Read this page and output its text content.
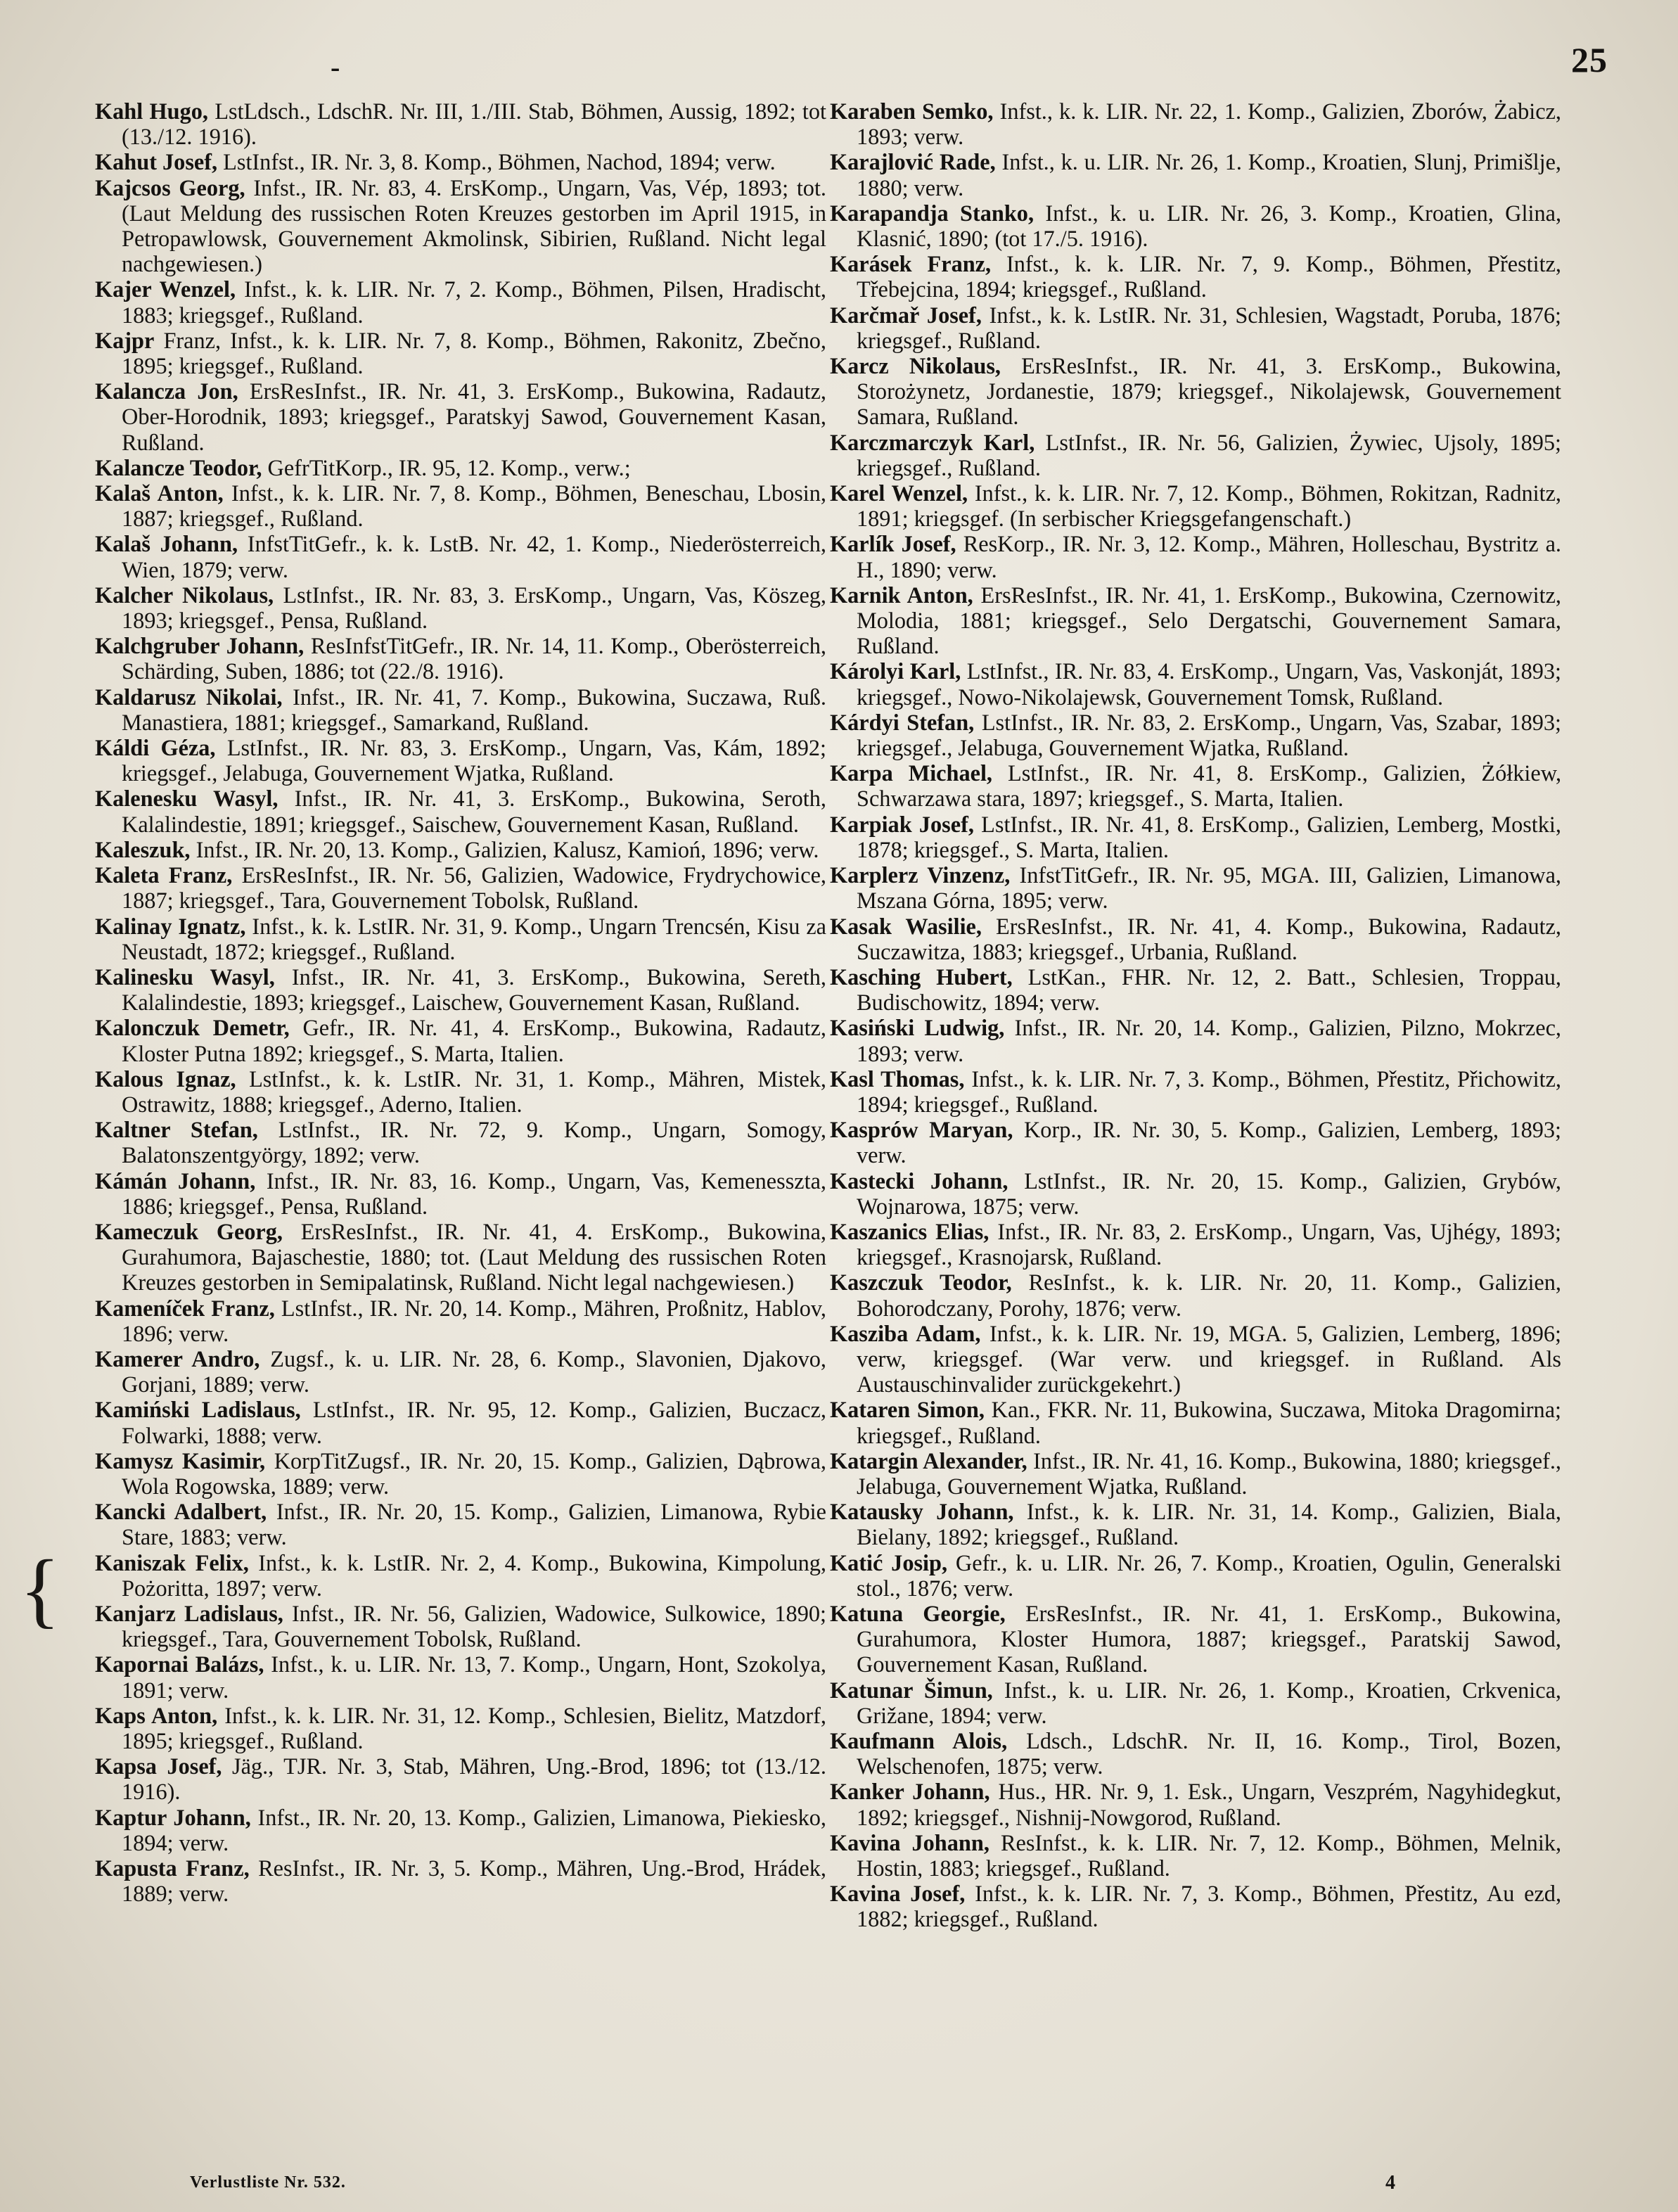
-	25
{

Kahl Hugo, LstLdsch., LdschR. Nr. III, 1./III. Stab, Böhmen, Aussig, 1892; tot (13./12. 1916).

Kahut Josef, LstInfst., IR. Nr. 3, 8. Komp., Böhmen, Nachod, 1894; verw.

Kajcsos Georg, Infst., IR. Nr. 83, 4. ErsKomp., Ungarn, Vas, Vép, 1893; tot. (Laut Meldung des russischen Roten Kreuzes gestorben im April 1915, in Petropawlowsk, Gouvernement Akmolinsk, Sibirien, Rußland. Nicht legal nachgewiesen.)

Kajer Wenzel, Infst., k. k. LIR. Nr. 7, 2. Komp., Böhmen, Pilsen, Hradischt, 1883; kriegsgef., Rußland.

Kajpr Franz, Infst., k. k. LIR. Nr. 7, 8. Komp., Böhmen, Rakonitz, Zbečno, 1895; kriegsgef., Rußland.

Kalancza Jon, ErsResInfst., IR. Nr. 41, 3. ErsKomp., Bukowina, Radautz, Ober-Horodnik, 1893; kriegsgef., Paratskyj Sawod, Gouvernement Kasan, Rußland.

Kalancze Teodor, GefrTitKorp., IR. 95, 12. Komp., verw.;

Kalaš Anton, Infst., k. k. LIR. Nr. 7, 8. Komp., Böhmen, Beneschau, Lbosin, 1887; kriegsgef., Rußland.

Kalaš Johann, InfstTitGefr., k. k. LstB. Nr. 42, 1. Komp., Niederösterreich, Wien, 1879; verw.

Kalcher Nikolaus, LstInfst., IR. Nr. 83, 3. ErsKomp., Ungarn, Vas, Köszeg, 1893; kriegsgef., Pensa, Rußland.

Kalchgruber Johann, ResInfstTitGefr., IR. Nr. 14, 11. Komp., Oberösterreich, Schärding, Suben, 1886; tot (22./8. 1916).

Kaldarusz Nikolai, Infst., IR. Nr. 41, 7. Komp., Bukowina, Suczawa, Ruß. Manastiera, 1881; kriegsgef., Samarkand, Rußland.

Káldi Géza, LstInfst., IR. Nr. 83, 3. ErsKomp., Ungarn, Vas, Kám, 1892; kriegsgef., Jelabuga, Gouvernement Wjatka, Rußland.

Kalenesku Wasyl, Infst., IR. Nr. 41, 3. ErsKomp., Bukowina, Seroth, Kalalindestie, 1891; kriegsgef., Saischew, Gouvernement Kasan, Rußland.

Kaleszuk, Infst., IR. Nr. 20, 13. Komp., Galizien, Kalusz, Kamioń, 1896; verw.

Kaleta Franz, ErsResInfst., IR. Nr. 56, Galizien, Wadowice, Frydrychowice, 1887; kriegsgef., Tara, Gouvernement Tobolsk, Rußland.

Kalinay Ignatz, Infst., k. k. LstIR. Nr. 31, 9. Komp., Ungarn Trencsén, Kisu za Neustadt, 1872; kriegsgef., Rußland.

Kalinesku Wasyl, Infst., IR. Nr. 41, 3. ErsKomp., Bukowina, Sereth, Kalalindestie, 1893; kriegsgef., Laischew, Gouvernement Kasan, Rußland.

Kalonczuk Demetr, Gefr., IR. Nr. 41, 4. ErsKomp., Bukowina, Radautz, Kloster Putna 1892; kriegsgef., S. Marta, Italien.

Kalous Ignaz, LstInfst., k. k. LstIR. Nr. 31, 1. Komp., Mähren, Mistek, Ostrawitz, 1888; kriegsgef., Aderno, Italien.

Kaltner Stefan, LstInfst., IR. Nr. 72, 9. Komp., Ungarn, Somogy, Balatonszentgyörgy, 1892; verw.

Kámán Johann, Infst., IR. Nr. 83, 16. Komp., Ungarn, Vas, Kemenesszta, 1886; kriegsgef., Pensa, Rußland.

Kameczuk Georg, ErsResInfst., IR. Nr. 41, 4. ErsKomp., Bukowina, Gurahumora, Bajaschestie, 1880; tot. (Laut Meldung des russischen Roten Kreuzes gestorben in Semipalatinsk, Rußland. Nicht legal nachgewiesen.)

Kameníček Franz, LstInfst., IR. Nr. 20, 14. Komp., Mähren, Proßnitz, Hablov, 1896; verw.

Kamerer Andro, Zugsf., k. u. LIR. Nr. 28, 6. Komp., Slavonien, Djakovo, Gorjani, 1889; verw.

Kamiński Ladislaus, LstInfst., IR. Nr. 95, 12. Komp., Galizien, Buczacz, Folwarki, 1888; verw.

Kamysz Kasimir, KorpTitZugsf., IR. Nr. 20, 15. Komp., Galizien, Dąbrowa, Wola Rogowska, 1889; verw.

Kancki Adalbert, Infst., IR. Nr. 20, 15. Komp., Galizien, Limanowa, Rybie Stare, 1883; verw.

Kaniszak Felix, Infst., k. k. LstIR. Nr. 2, 4. Komp., Bukowina, Kimpolung, Pożoritta, 1897; verw.

Kanjarz Ladislaus, Infst., IR. Nr. 56, Galizien, Wadowice, Sulkowice, 1890; kriegsgef., Tara, Gouvernement Tobolsk, Rußland.

Kapornai Balázs, Infst., k. u. LIR. Nr. 13, 7. Komp., Ungarn, Hont, Szokolya, 1891; verw.

Kaps Anton, Infst., k. k. LIR. Nr. 31, 12. Komp., Schlesien, Bielitz, Matzdorf, 1895; kriegsgef., Rußland.

Kapsa Josef, Jäg., TJR. Nr. 3, Stab, Mähren, Ung.-Brod, 1896; tot (13./12. 1916).

Kaptur Johann, Infst., IR. Nr. 20, 13. Komp., Galizien, Limanowa, Piekiesko, 1894; verw.

Kapusta Franz, ResInfst., IR. Nr. 3, 5. Komp., Mähren, Ung.-Brod, Hrádek, 1889; verw.

Karaben Semko, Infst., k. k. LIR. Nr. 22, 1. Komp., Galizien, Zborów, Żabicz, 1893; verw.

Karajlović Rade, Infst., k. u. LIR. Nr. 26, 1. Komp., Kroatien, Slunj, Primišlje, 1880; verw.

Karapandja Stanko, Infst., k. u. LIR. Nr. 26, 3. Komp., Kroatien, Glina, Klasnić, 1890; (tot 17./5. 1916).

Karásek Franz, Infst., k. k. LIR. Nr. 7, 9. Komp., Böhmen, Přestitz, Třebejcina, 1894; kriegsgef., Rußland.

Karčmař Josef, Infst., k. k. LstIR. Nr. 31, Schlesien, Wagstadt, Poruba, 1876; kriegsgef., Rußland.

Karcz Nikolaus, ErsResInfst., IR. Nr. 41, 3. ErsKomp., Bukowina, Storożynetz, Jordanestie, 1879; kriegsgef., Nikolajewsk, Gouvernement Samara, Rußland.

Karczmarczyk Karl, LstInfst., IR. Nr. 56, Galizien, Żywiec, Ujsoly, 1895; kriegsgef., Rußland.

Karel Wenzel, Infst., k. k. LIR. Nr. 7, 12. Komp., Böhmen, Rokitzan, Radnitz, 1891; kriegsgef. (In serbischer Kriegsgefangenschaft.)

Karlík Josef, ResKorp., IR. Nr. 3, 12. Komp., Mähren, Holleschau, Bystritz a. H., 1890; verw.

Karnik Anton, ErsResInfst., IR. Nr. 41, 1. ErsKomp., Bukowina, Czernowitz, Molodia, 1881; kriegsgef., Selo Dergatschi, Gouvernement Samara, Rußland.

Károlyi Karl, LstInfst., IR. Nr. 83, 4. ErsKomp., Ungarn, Vas, Vaskonját, 1893; kriegsgef., Nowo-Nikolajewsk, Gouvernement Tomsk, Rußland.

Kárdyi Stefan, LstInfst., IR. Nr. 83, 2. ErsKomp., Ungarn, Vas, Szabar, 1893; kriegsgef., Jelabuga, Gouvernement Wjatka, Rußland.

Karpa Michael, LstInfst., IR. Nr. 41, 8. ErsKomp., Galizien, Żółkiew, Schwarzawa stara, 1897; kriegsgef., S. Marta, Italien.

Karpiak Josef, LstInfst., IR. Nr. 41, 8. ErsKomp., Galizien, Lemberg, Mostki, 1878; kriegsgef., S. Marta, Italien.

Karplerz Vinzenz, InfstTitGefr., IR. Nr. 95, MGA. III, Galizien, Limanowa, Mszana Górna, 1895; verw.

Kasak Wasilie, ErsResInfst., IR. Nr. 41, 4. Komp., Bukowina, Radautz, Suczawitza, 1883; kriegsgef., Urbania, Rußland.

Kasching Hubert, LstKan., FHR. Nr. 12, 2. Batt., Schlesien, Troppau, Budischowitz, 1894; verw.

Kasiński Ludwig, Infst., IR. Nr. 20, 14. Komp., Galizien, Pilzno, Mokrzec, 1893; verw.

Kasl Thomas, Infst., k. k. LIR. Nr. 7, 3. Komp., Böhmen, Přestitz, Přichowitz, 1894; kriegsgef., Rußland.

Kasprów Maryan, Korp., IR. Nr. 30, 5. Komp., Galizien, Lemberg, 1893; verw.

Kastecki Johann, LstInfst., IR. Nr. 20, 15. Komp., Galizien, Grybów, Wojnarowa, 1875; verw.

Kaszanics Elias, Infst., IR. Nr. 83, 2. ErsKomp., Ungarn, Vas, Ujhégy, 1893; kriegsgef., Krasnojarsk, Rußland.

Kaszczuk Teodor, ResInfst., k. k. LIR. Nr. 20, 11. Komp., Galizien, Bohorodczany, Porohy, 1876; verw.

Kasziba Adam, Infst., k. k. LIR. Nr. 19, MGA. 5, Galizien, Lemberg, 1896; verw, kriegsgef. (War verw. und kriegsgef. in Rußland. Als Austauschinvalider zurückgekehrt.)

Kataren Simon, Kan., FKR. Nr. 11, Bukowina, Suczawa, Mitoka Dragomirna; kriegsgef., Rußland.

Katargin Alexander, Infst., IR. Nr. 41, 16. Komp., Bukowina, 1880; kriegsgef., Jelabuga, Gouvernement Wjatka, Rußland.

Katausky Johann, Infst., k. k. LIR. Nr. 31, 14. Komp., Galizien, Biala, Bielany, 1892; kriegsgef., Rußland.

Katić Josip, Gefr., k. u. LIR. Nr. 26, 7. Komp., Kroatien, Ogulin, Generalski stol., 1876; verw.

Katuna Georgie, ErsResInfst., IR. Nr. 41, 1. ErsKomp., Bukowina, Gurahumora, Kloster Humora, 1887; kriegsgef., Paratskij Sawod, Gouvernement Kasan, Rußland.

Katunar Šimun, Infst., k. u. LIR. Nr. 26, 1. Komp., Kroatien, Crkvenica, Grižane, 1894; verw.

Kaufmann Alois, Ldsch., LdschR. Nr. II, 16. Komp., Tirol, Bozen, Welschenofen, 1875; verw.

Kanker Johann, Hus., HR. Nr. 9, 1. Esk., Ungarn, Veszprém, Nagyhidegkut, 1892; kriegsgef., Nishnij-Nowgorod, Rußland.

Kavina Johann, ResInfst., k. k. LIR. Nr. 7, 12. Komp., Böhmen, Melnik, Hostin, 1883; kriegsgef., Rußland.

Kavina Josef, Infst., k. k. LIR. Nr. 7, 3. Komp., Böhmen, Přestitz, Au ezd, 1882; kriegsgef., Rußland.

Verlustliste Nr. 532.	4
